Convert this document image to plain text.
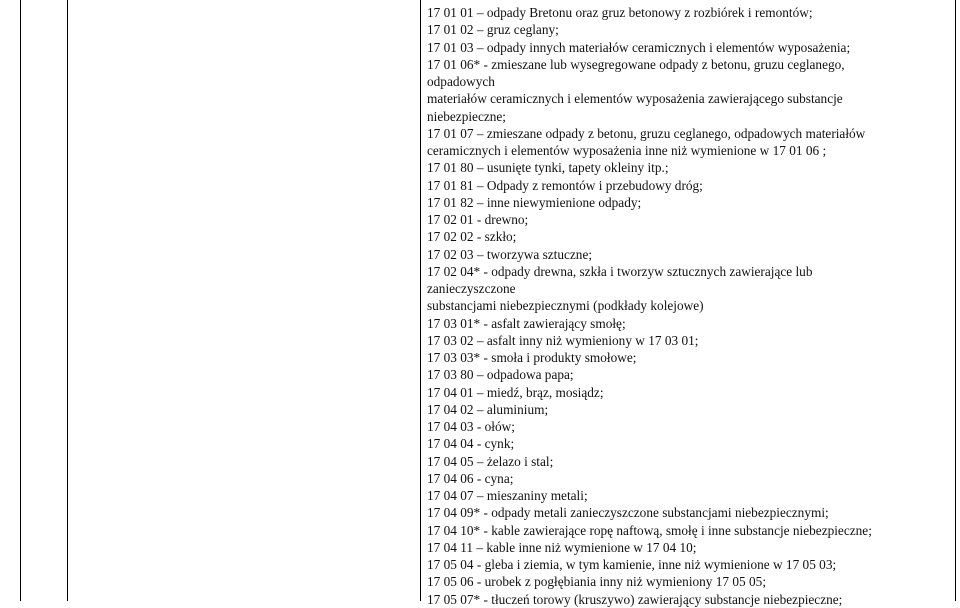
17 01 01 – odpady Bretonu oraz gruz betonowy z rozbiórek i remontów;
17 01 02 – gruz ceglany;
17 01 03 – odpady innych materiałów ceramicznych i elementów wyposażenia;
17 01 06* - zmieszane lub wysegregowane odpady z betonu, gruzu ceglanego,
odpadowych
materiałów ceramicznych i elementów wyposażenia zawierającego substancje
niebezpieczne;
17 01 07 – zmieszane odpady z betonu, gruzu ceglanego, odpadowych materiałów
ceramicznych i elementów wyposażenia inne niż wymienione w 17 01 06 ;
17 01 80 – usunięte tynki, tapety okleiny itp.;
17 01 81 – Odpady z remontów i przebudowy dróg;
17 01 82 – inne niewymienione odpady;
17 02 01 - drewno;
17 02 02 - szkło;
17 02 03 – tworzywa sztuczne;
17 02 04* - odpady drewna, szkła i tworzyw sztucznych zawierające lub
zanieczyszczone
substancjami niebezpiecznymi (podkłady kolejowe)
17 03 01* - asfalt zawierający smołę;
17 03 02 – asfalt inny niż wymieniony w 17 03 01;
17 03 03* - smoła i produkty smołowe;
17 03 80 – odpadowa papa;
17 04 01 – miedź, brąz, mosiądz;
17 04 02 – aluminium;
17 04 03 - ołów;
17 04 04 - cynk;
17 04 05 – żelazo i stal;
17 04 06 - cyna;
17 04 07 – mieszaniny metali;
17 04 09* - odpady metali zanieczyszczone substancjami niebezpiecznymi;
17 04 10* - kable zawierające ropę naftową, smołę i inne substancje niebezpieczne;
17 04 11 – kable inne niż wymienione w 17 04 10;
17 05 04 - gleba i ziemia, w tym kamienie, inne niż wymienione w 17 05 03;
17 05 06 - urobek z pogłębiania inny niż wymieniony 17 05 05;
17 05 07* - tłuczeń torowy (kruszywo) zawierający substancje niebezpieczne;
